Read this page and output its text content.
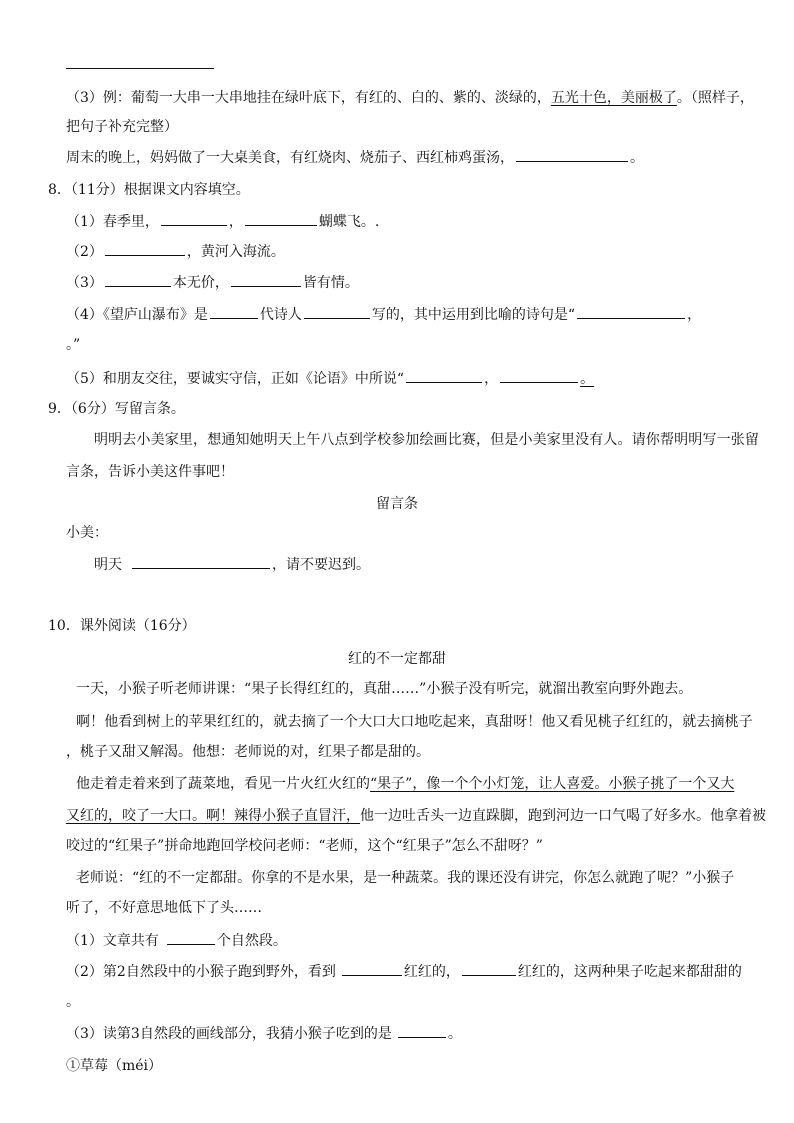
（3）例：葡萄一大串一大串地挂在绿叶底下，有红的、白的、紫的、淡绿的，五光十色，美丽极了。（照样子，
把句子补充完整）
周末的晚上，妈妈做了一大桌美食，有红烧肉、烧茄子、西红柿鸡蛋汤，	。
8．（11分）根据课文内容填空。
（1）春季里，	，	蝴蝶飞。.
（2）	，黄河入海流。
（3）	本无价，	皆有情。
（4）《望庐山瀑布》是	代诗人	写的，其中运用到比喻的诗句是“	，
。”
（5）和朋友交往，要诚实守信，正如《论语》中所说“	，	。
9．（6分）写留言条。
明明去小美家里，想通知她明天上午八点到学校参加绘画比赛，但是小美家里没有人。请你帮明明写一张留
言条，告诉小美这件事吧！
留言条
小美：
明天	，请不要迟到。
10．课外阅读（16分）
红的不一定都甜
一天，小猴子听老师讲课：“果子长得红红的，真甜……”小猴子没有听完，就溜出教室向野外跑去。
啊！他看到树上的苹果红红的，就去摘了一个大口大口地吃起来，真甜呀！他又看见桃子红红的，就去摘桃子
，桃子又甜又解渴。他想：老师说的对，红果子都是甜的。
他走着走着来到了蔬菜地，看见一片火红火红的“果子”，像一个个小灯笼，让人喜爱。小猴子挑了一个又大
又红的，咬了一大口。啊！辣得小猴子直冒汗，他一边吐舌头一边直跺脚，跑到河边一口气喝了好多水。他拿着被
咬过的“红果子”拼命地跑回学校问老师：“老师，这个“红果子”怎么不甜呀？”
老师说：“红的不一定都甜。你拿的不是水果，是一种蔬菜。我的课还没有讲完，你怎么就跑了呢？”小猴子
听了，不好意思地低下了头……
（1）文章共有	个自然段。
（2）第2自然段中的小猴子跑到野外，看到	红红的，	红红的，这两种果子吃起来都甜甜的
。
（3）读第3自然段的画线部分，我猜小猴子吃到的是	。
①草莓（méi）
